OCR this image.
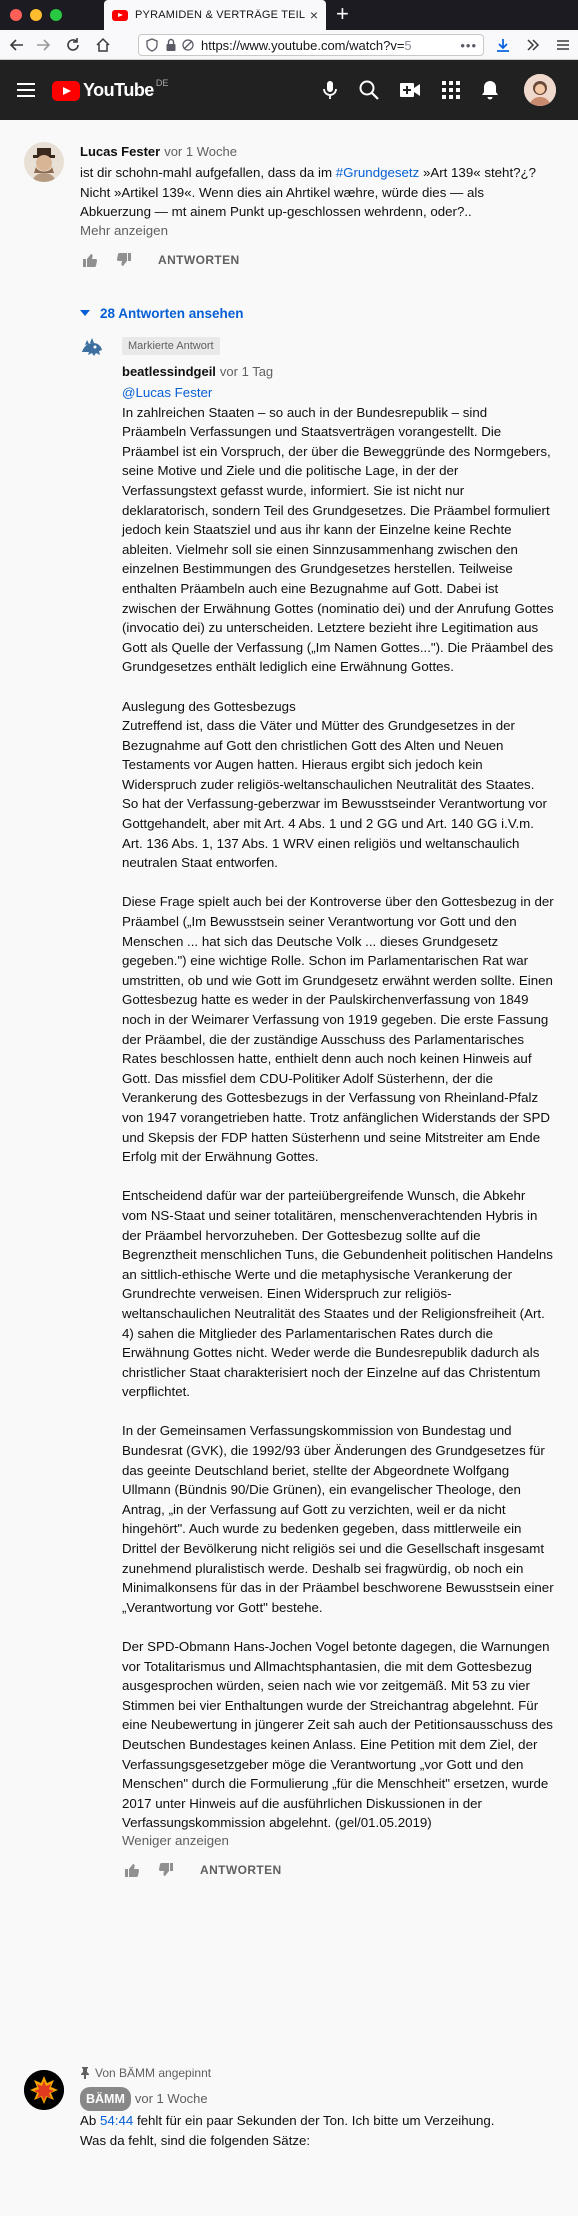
PYRAMIDEN & VERTRÄGE TEIL × +
https://www.youtube.com/watch?v=5	•••
YouTube DE
Lucas Fester vor 1 Woche
ist dir schohn-mahl aufgefallen, dass da im #Grundgesetz »Art 139« steht?¿?
Nicht »Artikel 139«. Wenn dies ain Ahrtikel wæhre, würde dies — als Abkuerzung — mt ainem Punkt up-geschlossen wehrdenn, oder?..
Mehr anzeigen
ANTWORTEN
28 Antworten ansehen
Markierte Antwort
beatlessindgeil vor 1 Tag
@Lucas Fester
In zahlreichen Staaten – so auch in der Bundesrepublik – sind Präambeln Verfassungen und Staatsverträgen vorangestellt. Die Präambel ist ein Vorspruch, der über die Beweggründe des Normgebers, seine Motive und Ziele und die politische Lage, in der der Verfassungstext gefasst wurde, informiert. Sie ist nicht nur deklaratorisch, sondern Teil des Grundgesetzes. Die Präambel formuliert jedoch kein Staatsziel und aus ihr kann der Einzelne keine Rechte ableiten. Vielmehr soll sie einen Sinnzusammenhang zwischen den einzelnen Bestimmungen des Grundgesetzes herstellen. Teilweise enthalten Präambeln auch eine Bezugnahme auf Gott. Dabei ist zwischen der Erwähnung Gottes (nominatio dei) und der Anrufung Gottes (invocatio dei) zu unterscheiden. Letztere bezieht ihre Legitimation aus Gott als Quelle der Verfassung („Im Namen Gottes..."). Die Präambel des Grundgesetzes enthält lediglich eine Erwähnung Gottes.

Auslegung des Gottesbezugs
Zutreffend ist, dass die Väter und Mütter des Grundgesetzes in der Bezugnahme auf Gott den christlichen Gott des Alten und Neuen Testaments vor Augen hatten. Hieraus ergibt sich jedoch kein Widerspruch zuder religiös-weltanschaulichen Neutralität des Staates. So hat der Verfassung-geberzwar im Bewusstseinder Verantwortung vor Gottgehandelt, aber mit Art. 4 Abs. 1 und 2 GG und Art. 140 GG i.V.m. Art. 136 Abs. 1, 137 Abs. 1 WRV einen religiös und weltanschaulich neutralen Staat entworfen.

Diese Frage spielt auch bei der Kontroverse über den Gottesbezug in der Präambel („Im Bewusstsein seiner Verantwortung vor Gott und den Menschen ... hat sich das Deutsche Volk ... dieses Grundgesetz gegeben.") eine wichtige Rolle. Schon im Parlamentarischen Rat war umstritten, ob und wie Gott im Grundgesetz erwähnt werden sollte. Einen Gottesbezug hatte es weder in der Paulskirchenverfassung von 1849 noch in der Weimarer Verfassung von 1919 gegeben. Die erste Fassung der Präambel, die der zuständige Ausschuss des Parlamentarisches Rates beschlossen hatte, enthielt denn auch noch keinen Hinweis auf Gott. Das missfiel dem CDU-Politiker Adolf Süsterhenn, der die Verankerung des Gottesbezugs in der Verfassung von Rheinland-Pfalz von 1947 vorangetrieben hatte. Trotz anfänglichen Widerstands der SPD und Skepsis der FDP hatten Süsterhenn und seine Mitstreiter am Ende Erfolg mit der Erwähnung Gottes.

Entscheidend dafür war der parteiübergreifende Wunsch, die Abkehr vom NS-Staat und seiner totalitären, menschenverachtenden Hybris in der Präambel hervorzuheben. Der Gottesbezug sollte auf die Begrenztheit menschlichen Tuns, die Gebundenheit politischen Handelns an sittlich-ethische Werte und die metaphysische Verankerung der Grundrechte verweisen. Einen Widerspruch zur religiös-weltanschaulichen Neutralität des Staates und der Religionsfreiheit (Art. 4) sahen die Mitglieder des Parlamentarischen Rates durch die Erwähnung Gottes nicht. Weder werde die Bundesrepublik dadurch als christlicher Staat charakterisiert noch der Einzelne auf das Christentum verpflichtet.

In der Gemeinsamen Verfassungskommission von Bundestag und Bundesrat (GVK), die 1992/93 über Änderungen des Grundgesetzes für das geeinte Deutschland beriet, stellte der Abgeordnete Wolfgang Ullmann (Bündnis 90/Die Grünen), ein evangelischer Theologe, den Antrag, „in der Verfassung auf Gott zu verzichten, weil er da nicht hingehört". Auch wurde zu bedenken gegeben, dass mittlerweile ein Drittel der Bevölkerung nicht religiös sei und die Gesellschaft insgesamt zunehmend pluralistisch werde. Deshalb sei fragwürdig, ob noch ein Minimalkonsens für das in der Präambel beschworene Bewusstsein einer „Verantwortung vor Gott" bestehe.

Der SPD-Obmann Hans-Jochen Vogel betonte dagegen, die Warnungen vor Totalitarismus und Allmachtsphantasien, die mit dem Gottesbezug ausgesprochen würden, seien nach wie vor zeitgemäß. Mit 53 zu vier Stimmen bei vier Enthaltungen wurde der Streichantrag abgelehnt. Für eine Neubewertung in jüngerer Zeit sah auch der Petitionsausschuss des Deutschen Bundestages keinen Anlass. Eine Petition mit dem Ziel, der Verfassungsgesetzgeber möge die Verantwortung „vor Gott und den Menschen" durch die Formulierung „für die Menschheit" ersetzen, wurde 2017 unter Hinweis auf die ausführlichen Diskussionen in der Verfassungskommission abgelehnt. (gel/01.05.2019)
Weniger anzeigen
ANTWORTEN
Von BÄMM angepinnt
BÄMM vor 1 Woche
Ab 54:44 fehlt für ein paar Sekunden der Ton. Ich bitte um Verzeihung.
Was da fehlt, sind die folgenden Sätze:
